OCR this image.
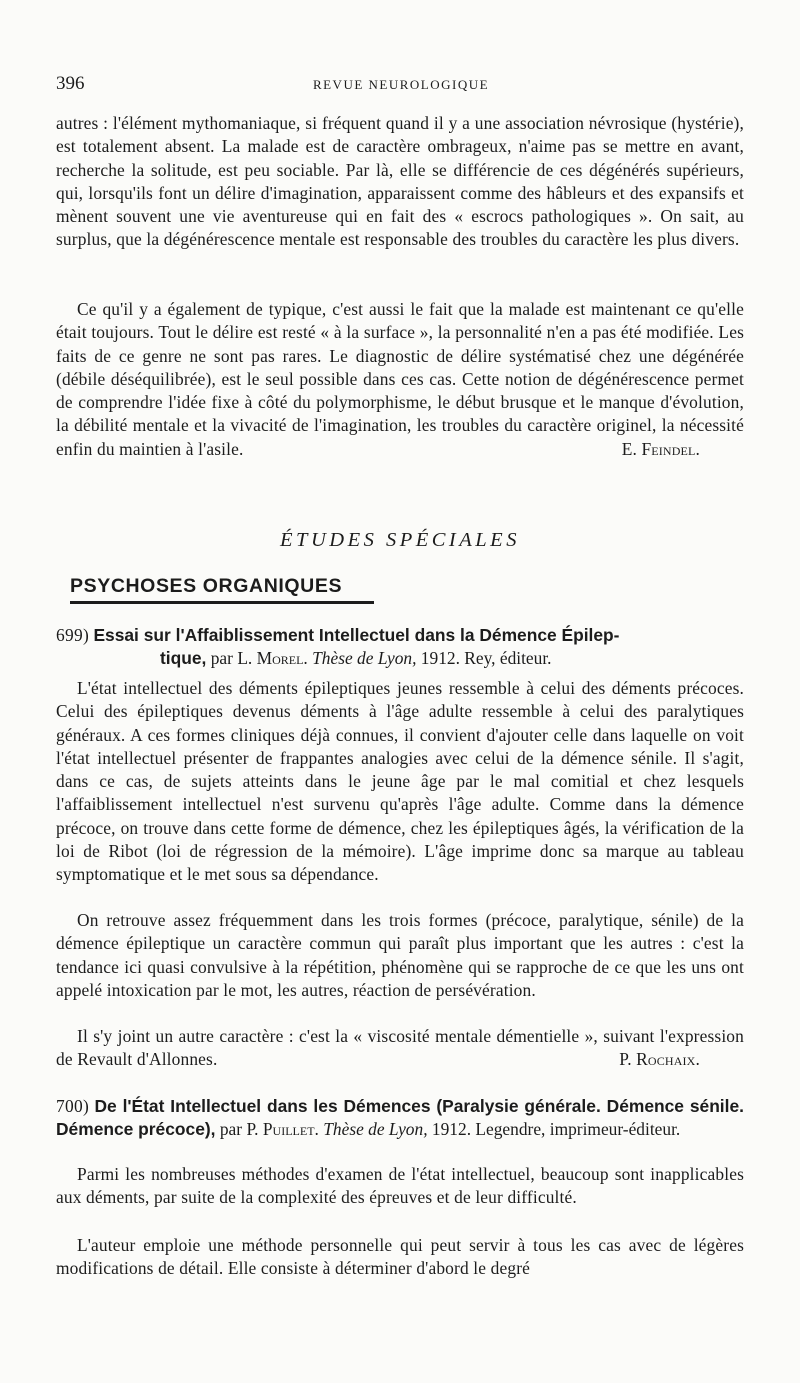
396	REVUE NEUROLOGIQUE

autres : l'élément mythomaniaque, si fréquent quand il y a une association névrosique (hystérie), est totalement absent. La malade est de caractère ombrageux, n'aime pas se mettre en avant, recherche la solitude, est peu sociable. Par là, elle se différencie de ces dégénérés supérieurs, qui, lorsqu'ils font un délire d'imagination, apparaissent comme des hâbleurs et des expansifs et mènent souvent une vie aventureuse qui en fait des « escrocs pathologiques ». On sait, au surplus, que la dégénérescence mentale est responsable des troubles du caractère les plus divers.

Ce qu'il y a également de typique, c'est aussi le fait que la malade est maintenant ce qu'elle était toujours. Tout le délire est resté « à la surface », la personnalité n'en a pas été modifiée. Les faits de ce genre ne sont pas rares. Le diagnostic de délire systématisé chez une dégénérée (débile déséquilibrée), est le seul possible dans ces cas. Cette notion de dégénérescence permet de comprendre l'idée fixe à côté du polymorphisme, le début brusque et le manque d'évolution, la débilité mentale et la vivacité de l'imagination, les troubles du caractère originel, la nécessité enfin du maintien à l'asile.	E. Feindel.

ÉTUDES SPÉCIALES
PSYCHOSES ORGANIQUES

699) Essai sur l'Affaiblissement Intellectuel dans la Démence Épilep-
tique, par L. Morel. Thèse de Lyon, 1912. Rey, éditeur.

L'état intellectuel des déments épileptiques jeunes ressemble à celui des déments précoces. Celui des épileptiques devenus déments à l'âge adulte ressemble à celui des paralytiques généraux. A ces formes cliniques déjà connues, il convient d'ajouter celle dans laquelle on voit l'état intellectuel présenter de frappantes analogies avec celui de la démence sénile. Il s'agit, dans ce cas, de sujets atteints dans le jeune âge par le mal comitial et chez lesquels l'affaiblissement intellectuel n'est survenu qu'après l'âge adulte. Comme dans la démence précoce, on trouve dans cette forme de démence, chez les épileptiques âgés, la vérification de la loi de Ribot (loi de régression de la mémoire). L'âge imprime donc sa marque au tableau symptomatique et le met sous sa dépendance.

On retrouve assez fréquemment dans les trois formes (précoce, paralytique, sénile) de la démence épileptique un caractère commun qui paraît plus important que les autres : c'est la tendance ici quasi convulsive à la répétition, phénomène qui se rapproche de ce que les uns ont appelé intoxication par le mot, les autres, réaction de persévération.

Il s'y joint un autre caractère : c'est la « viscosité mentale démentielle », suivant l'expression de Revault d'Allonnes.	P. Rochaix.

700) De l'État Intellectuel dans les Démences (Paralysie générale. Démence sénile. Démence précoce), par P. Puillet. Thèse de Lyon, 1912. Legendre, imprimeur-éditeur.

Parmi les nombreuses méthodes d'examen de l'état intellectuel, beaucoup sont inapplicables aux déments, par suite de la complexité des épreuves et de leur difficulté.

L'auteur emploie une méthode personnelle qui peut servir à tous les cas avec de légères modifications de détail. Elle consiste à déterminer d'abord le degré
